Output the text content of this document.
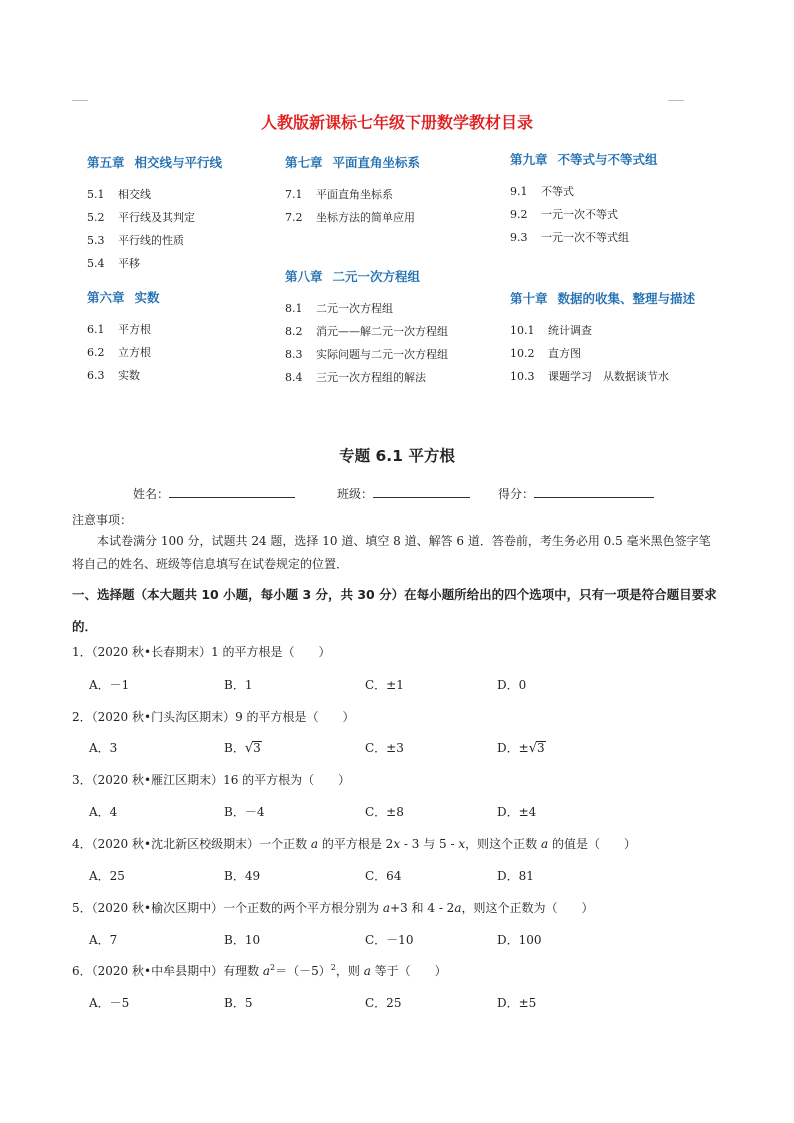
人教版新课标七年级下册数学教材目录
第五章 相交线与平行线
5.1 相交线
5.2 平行线及其判定
5.3 平行线的性质
5.4 平移
第六章 实数
6.1 平方根
6.2 立方根
6.3 实数
第七章 平面直角坐标系
7.1 平面直角坐标系
7.2 坐标方法的简单应用
第八章 二元一次方程组
8.1 二元一次方程组
8.2 消元——解二元一次方程组
8.3 实际问题与二元一次方程组
8.4 三元一次方程组的解法
第九章 不等式与不等式组
9.1 不等式
9.2 一元一次不等式
9.3 一元一次不等式组
第十章 数据的收集、整理与描述
10.1 统计调查
10.2 直方图
10.3 课题学习　从数据谈节水
专题 6.1 平方根
姓名：	班级：	得分：
注意事项：
本试卷满分 100 分，试题共 24 题，选择 10 道、填空 8 道、解答 6 道．答卷前，考生务必用 0.5 毫米黑色签字笔将自己的姓名、班级等信息填写在试卷规定的位置．
一、选择题（本大题共 10 小题，每小题 3 分，共 30 分）在每小题所给出的四个选项中，只有一项是符合题目要求的．
1．（2020 秋•长春期末）1 的平方根是（　　）
A．－1	B．1	C．±1	D．0
2．（2020 秋•门头沟区期末）9 的平方根是（　　）
A．3	B．√3	C．±3	D．±√3
3．（2020 秋•雁江区期末）16 的平方根为（　　）
A．4	B．－4	C．±8	D．±4
4．（2020 秋•沈北新区校级期末）一个正数 a 的平方根是 2x - 3 与 5 - x，则这个正数 a 的值是（　　）
A．25	B．49	C．64	D．81
5．（2020 秋•榆次区期中）一个正数的两个平方根分别为 a+3 和 4 - 2a，则这个正数为（　　）
A．7	B．10	C．－10	D．100
6．（2020 秋•中牟县期中）有理数 $a^2=(-5)^2$，则 a 等于（　　）
A．－5	B．5	C．25	D．±5
